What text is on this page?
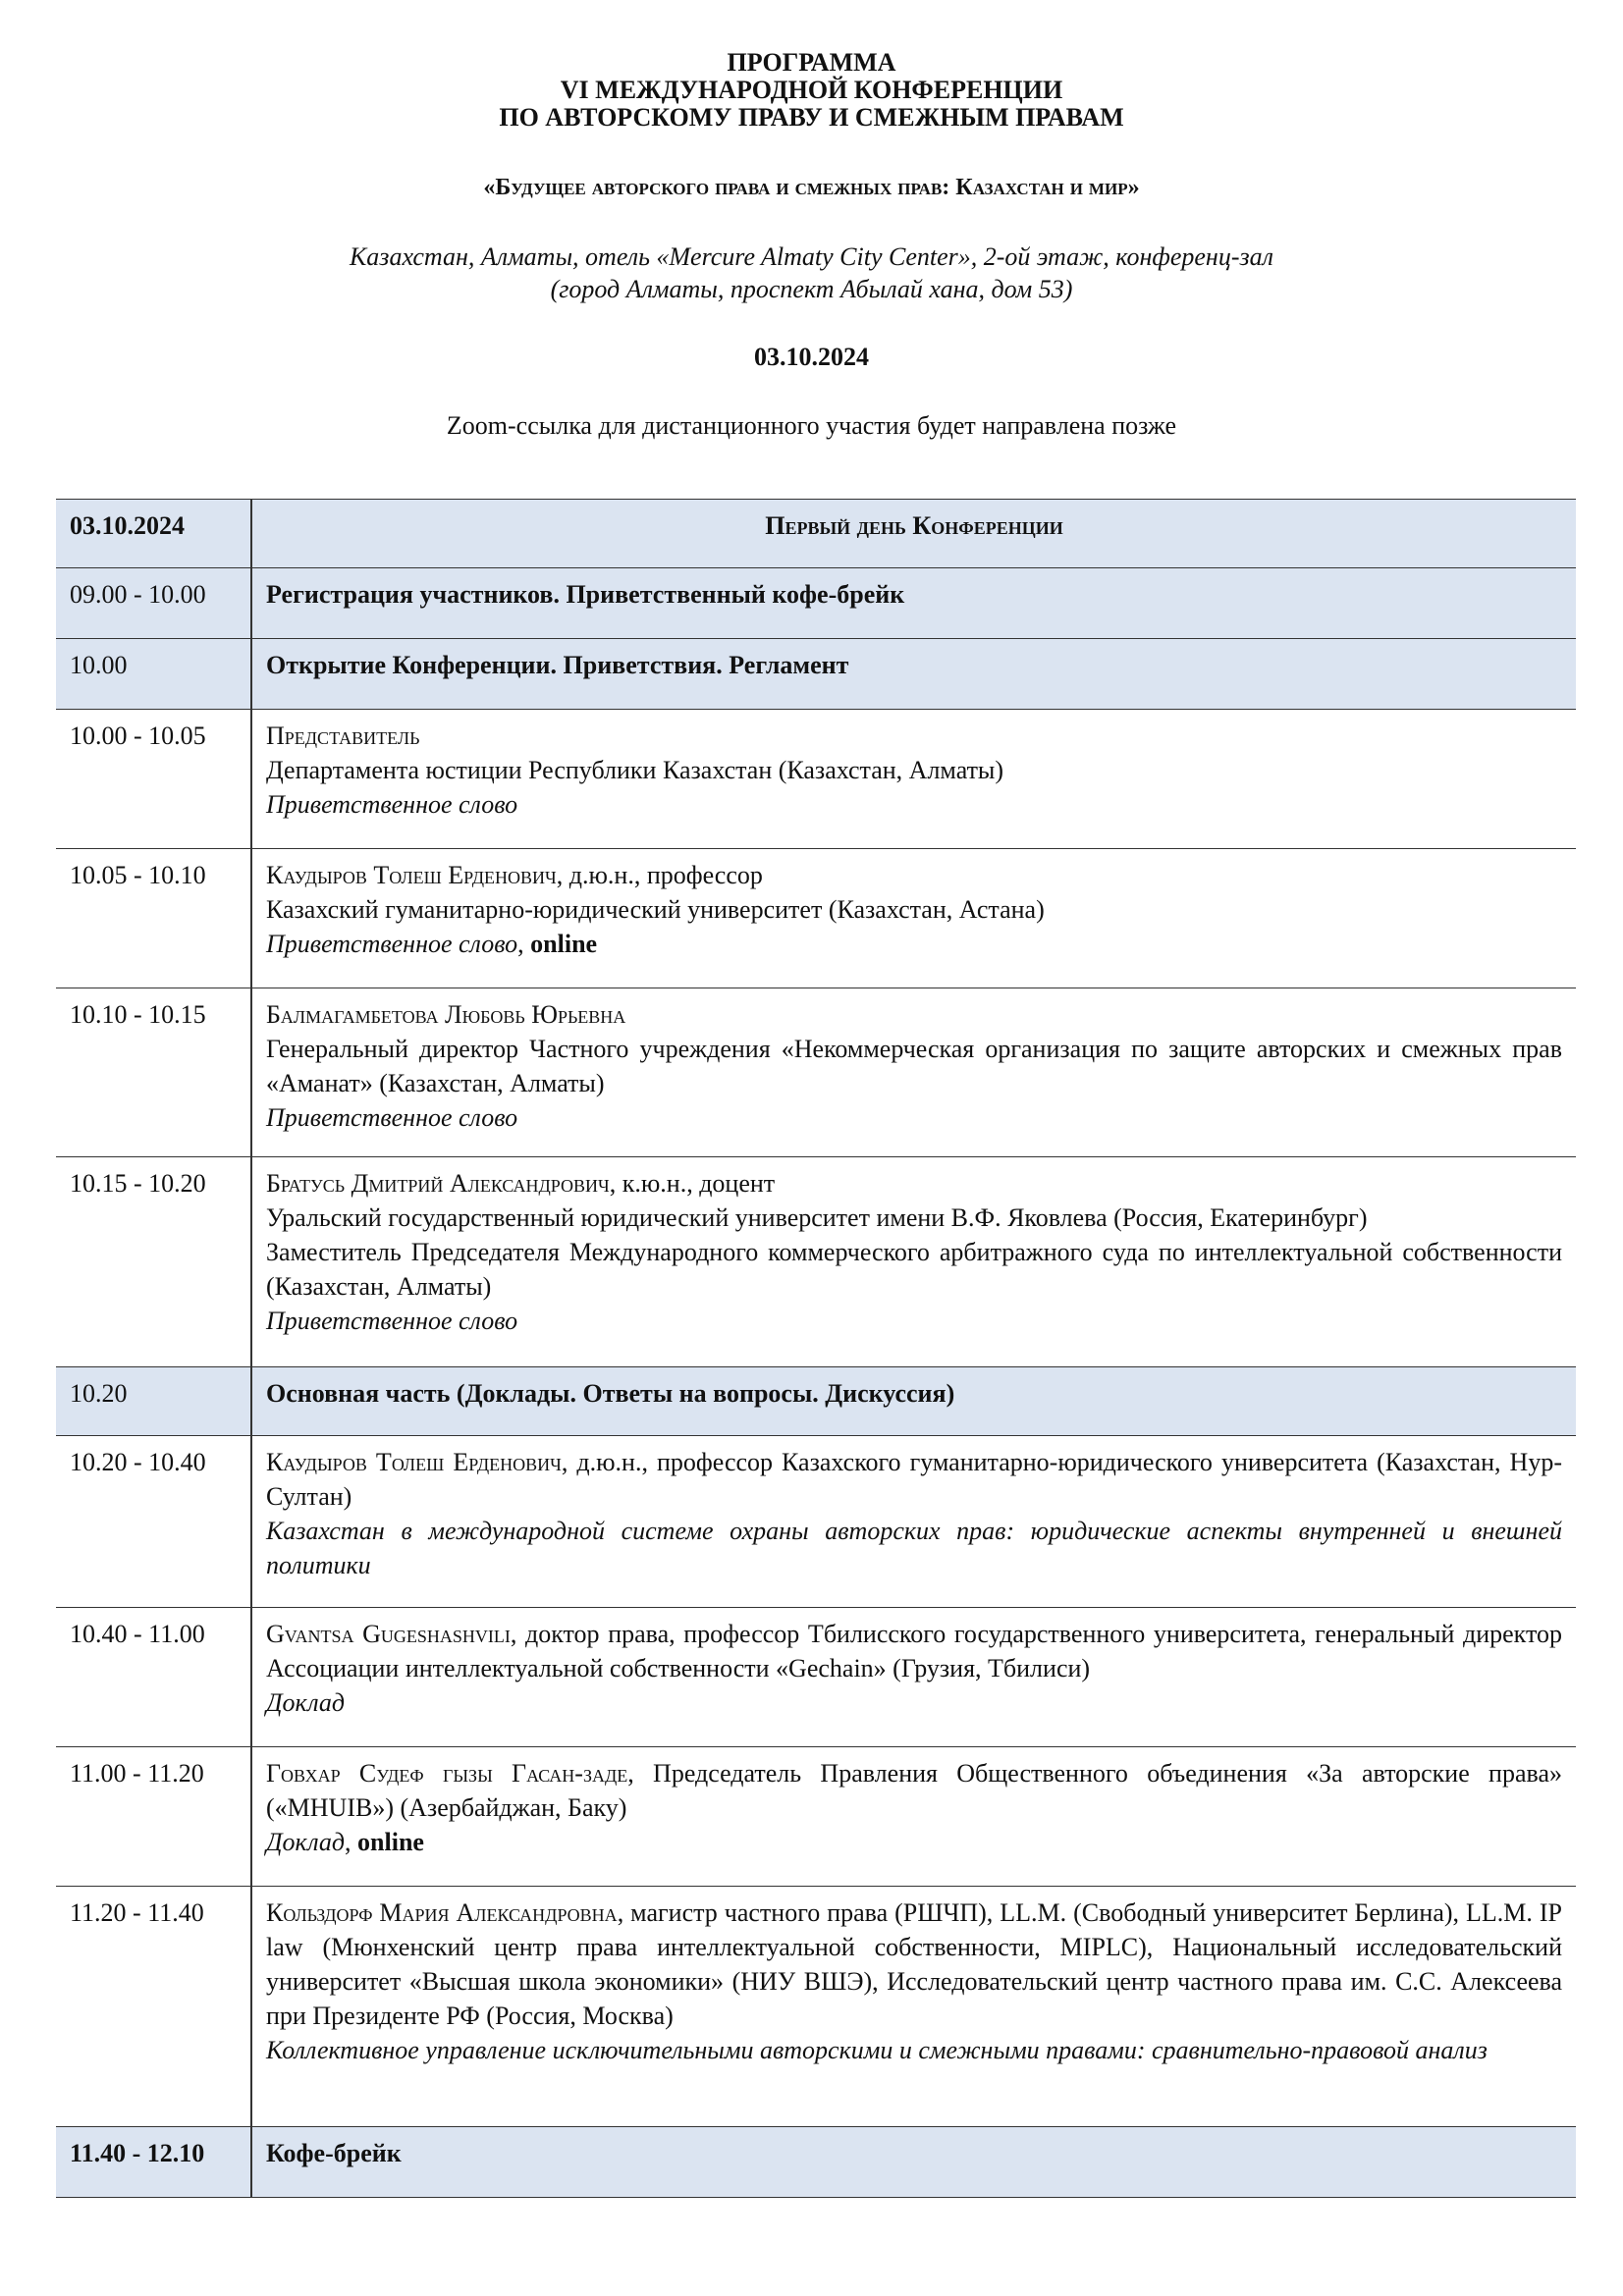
ПРОГРАММА
VI МЕЖДУНАРОДНОЙ КОНФЕРЕНЦИИ
ПО АВТОРСКОМУ ПРАВУ И СМЕЖНЫМ ПРАВАМ
«Будущее авторского права и смежных прав: Казахстан и мир»
Казахстан, Алматы, отель «Mercure Almaty City Center», 2-ой этаж, конференц-зал
(город Алматы, проспект Абылай хана, дом 53)
03.10.2024
Zoom-ссылка для дистанционного участия будет направлена позже
03.10.2024	Первый день Конференции
09.00 - 10.00	Регистрация участников. Приветственный кофе-брейк
10.00	Открытие Конференции. Приветствия. Регламент
10.00 - 10.05	Представитель
Департамента юстиции Республики Казахстан (Казахстан, Алматы)
Приветственное слово

10.05 - 10.10	Каудыров Толеш Ерденович, д.ю.н., профессор
Казахский гуманитарно-юридический университет (Казахстан, Астана)
Приветственное слово, online

10.10 - 10.15	Балмагамбетова Любовь Юрьевна
Генеральный директор Частного учреждения «Некоммерческая организация по защите авторских и смежных прав «Аманат» (Казахстан, Алматы)
Приветственное слово

10.15 - 10.20	Братусь Дмитрий Александрович, к.ю.н., доцент
Уральский государственный юридический университет имени В.Ф. Яковлева (Россия, Екатеринбург)
Заместитель Председателя Международного коммерческого арбитражного суда по интеллектуальной собственности (Казахстан, Алматы)
Приветственное слово

10.20	Основная часть (Доклады. Ответы на вопросы. Дискуссия)
10.20 - 10.40	Каудыров Толеш Ерденович, д.ю.н., профессор Казахского гуманитарно-юридического университета (Казахстан, Нур-Султан)
Казахстан в международной системе охраны авторских прав: юридические аспекты внутренней и внешней политики

10.40 - 11.00	Gvantsa Gugeshashvili, доктор права, профессор Тбилисского государственного университета, генеральный директор Ассоциации интеллектуальной собственности «Gechain» (Грузия, Тбилиси)
Доклад

11.00 - 11.20	Говхар Судеф гызы Гасан-заде, Председатель Правления Общественного объединения «За авторские права» («MHUIB») (Азербайджан, Баку)
Доклад, online

11.20 - 11.40	Кольздорф Мария Александровна, магистр частного права (РШЧП), LL.M. (Свободный университет Берлина), LL.M. IP law (Мюнхенский центр права интеллектуальной собственности, MIPLC), Национальный исследовательский университет «Высшая школа экономики» (НИУ ВШЭ), Исследовательский центр частного права им. С.С. Алексеева при Президенте РФ (Россия, Москва)
Коллективное управление исключительными авторскими и смежными правами: сравнительно-правовой анализ

11.40 - 12.10	Кофе-брейк
